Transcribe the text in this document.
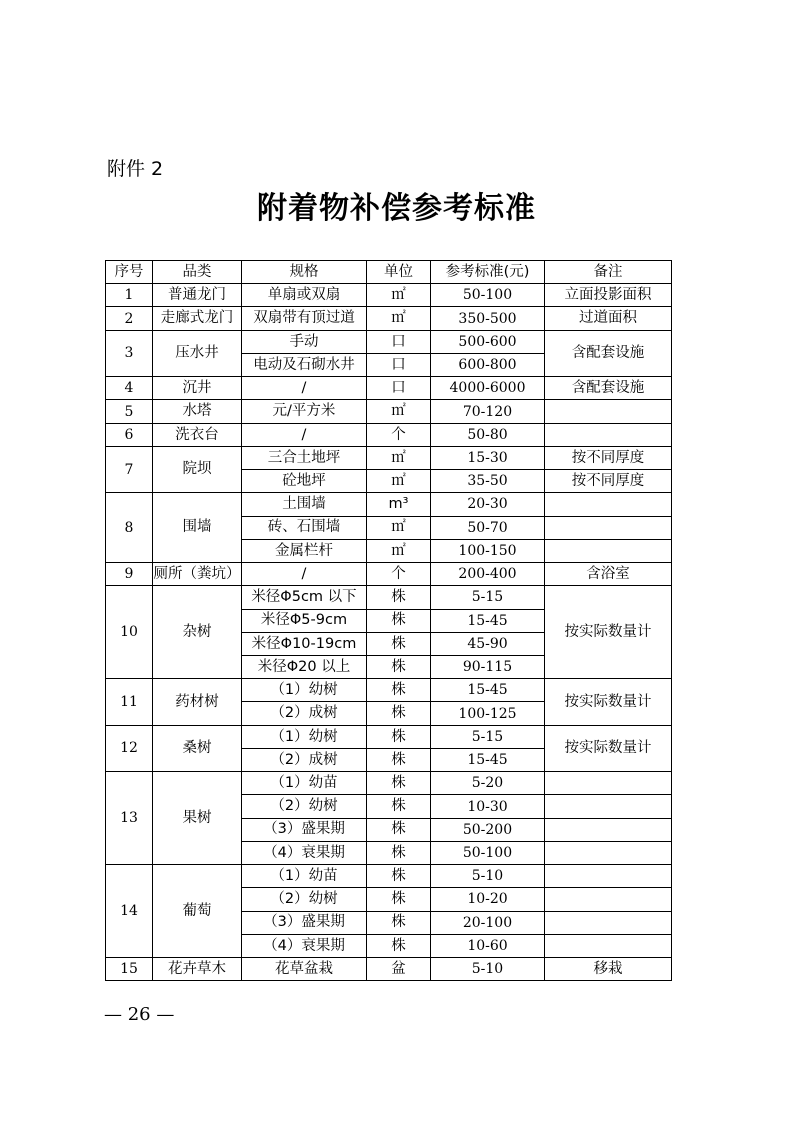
附件 2
附着物补偿参考标准
序号	品类	规格	单位	参考标准(元)	备注
1	普通龙门	单扇或双扇	㎡	50-100	立面投影面积
2	走廊式龙门	双扇带有顶过道	㎡	350-500	过道面积
3	压水井	手动	口	500-600	含配套设施
		电动及石砌水井	口	600-800	
4	沉井	/	口	4000-6000	含配套设施
5	水塔	元/平方米	㎡	70-120	
6	洗衣台	/	个	50-80	
7	院坝	三合土地坪	㎡	15-30	按不同厚度
		砼地坪	㎡	35-50	按不同厚度
8	围墙	土围墙	m³	20-30	
		砖、石围墙	㎡	50-70	
		金属栏杆	㎡	100-150	
9	厕所（粪坑）	/	个	200-400	含浴室
10	杂树	米径Φ5cm 以下	株	5-15	按实际数量计
		米径Φ5-9cm	株	15-45	
		米径Φ10-19cm	株	45-90	
		米径Φ20 以上	株	90-115	
11	药材树	（1）幼树	株	15-45	按实际数量计
		（2）成树	株	100-125	
12	桑树	（1）幼树	株	5-15	按实际数量计
		（2）成树	株	15-45	
13	果树	（1）幼苗	株	5-20	
		（2）幼树	株	10-30	
		（3）盛果期	株	50-200	
		（4）衰果期	株	50-100	
14	葡萄	（1）幼苗	株	5-10	
		（2）幼树	株	10-20	
		（3）盛果期	株	20-100	
		（4）衰果期	株	10-60	
15	花卉草木	花草盆栽	盆	5-10	移栽
— 26 —
